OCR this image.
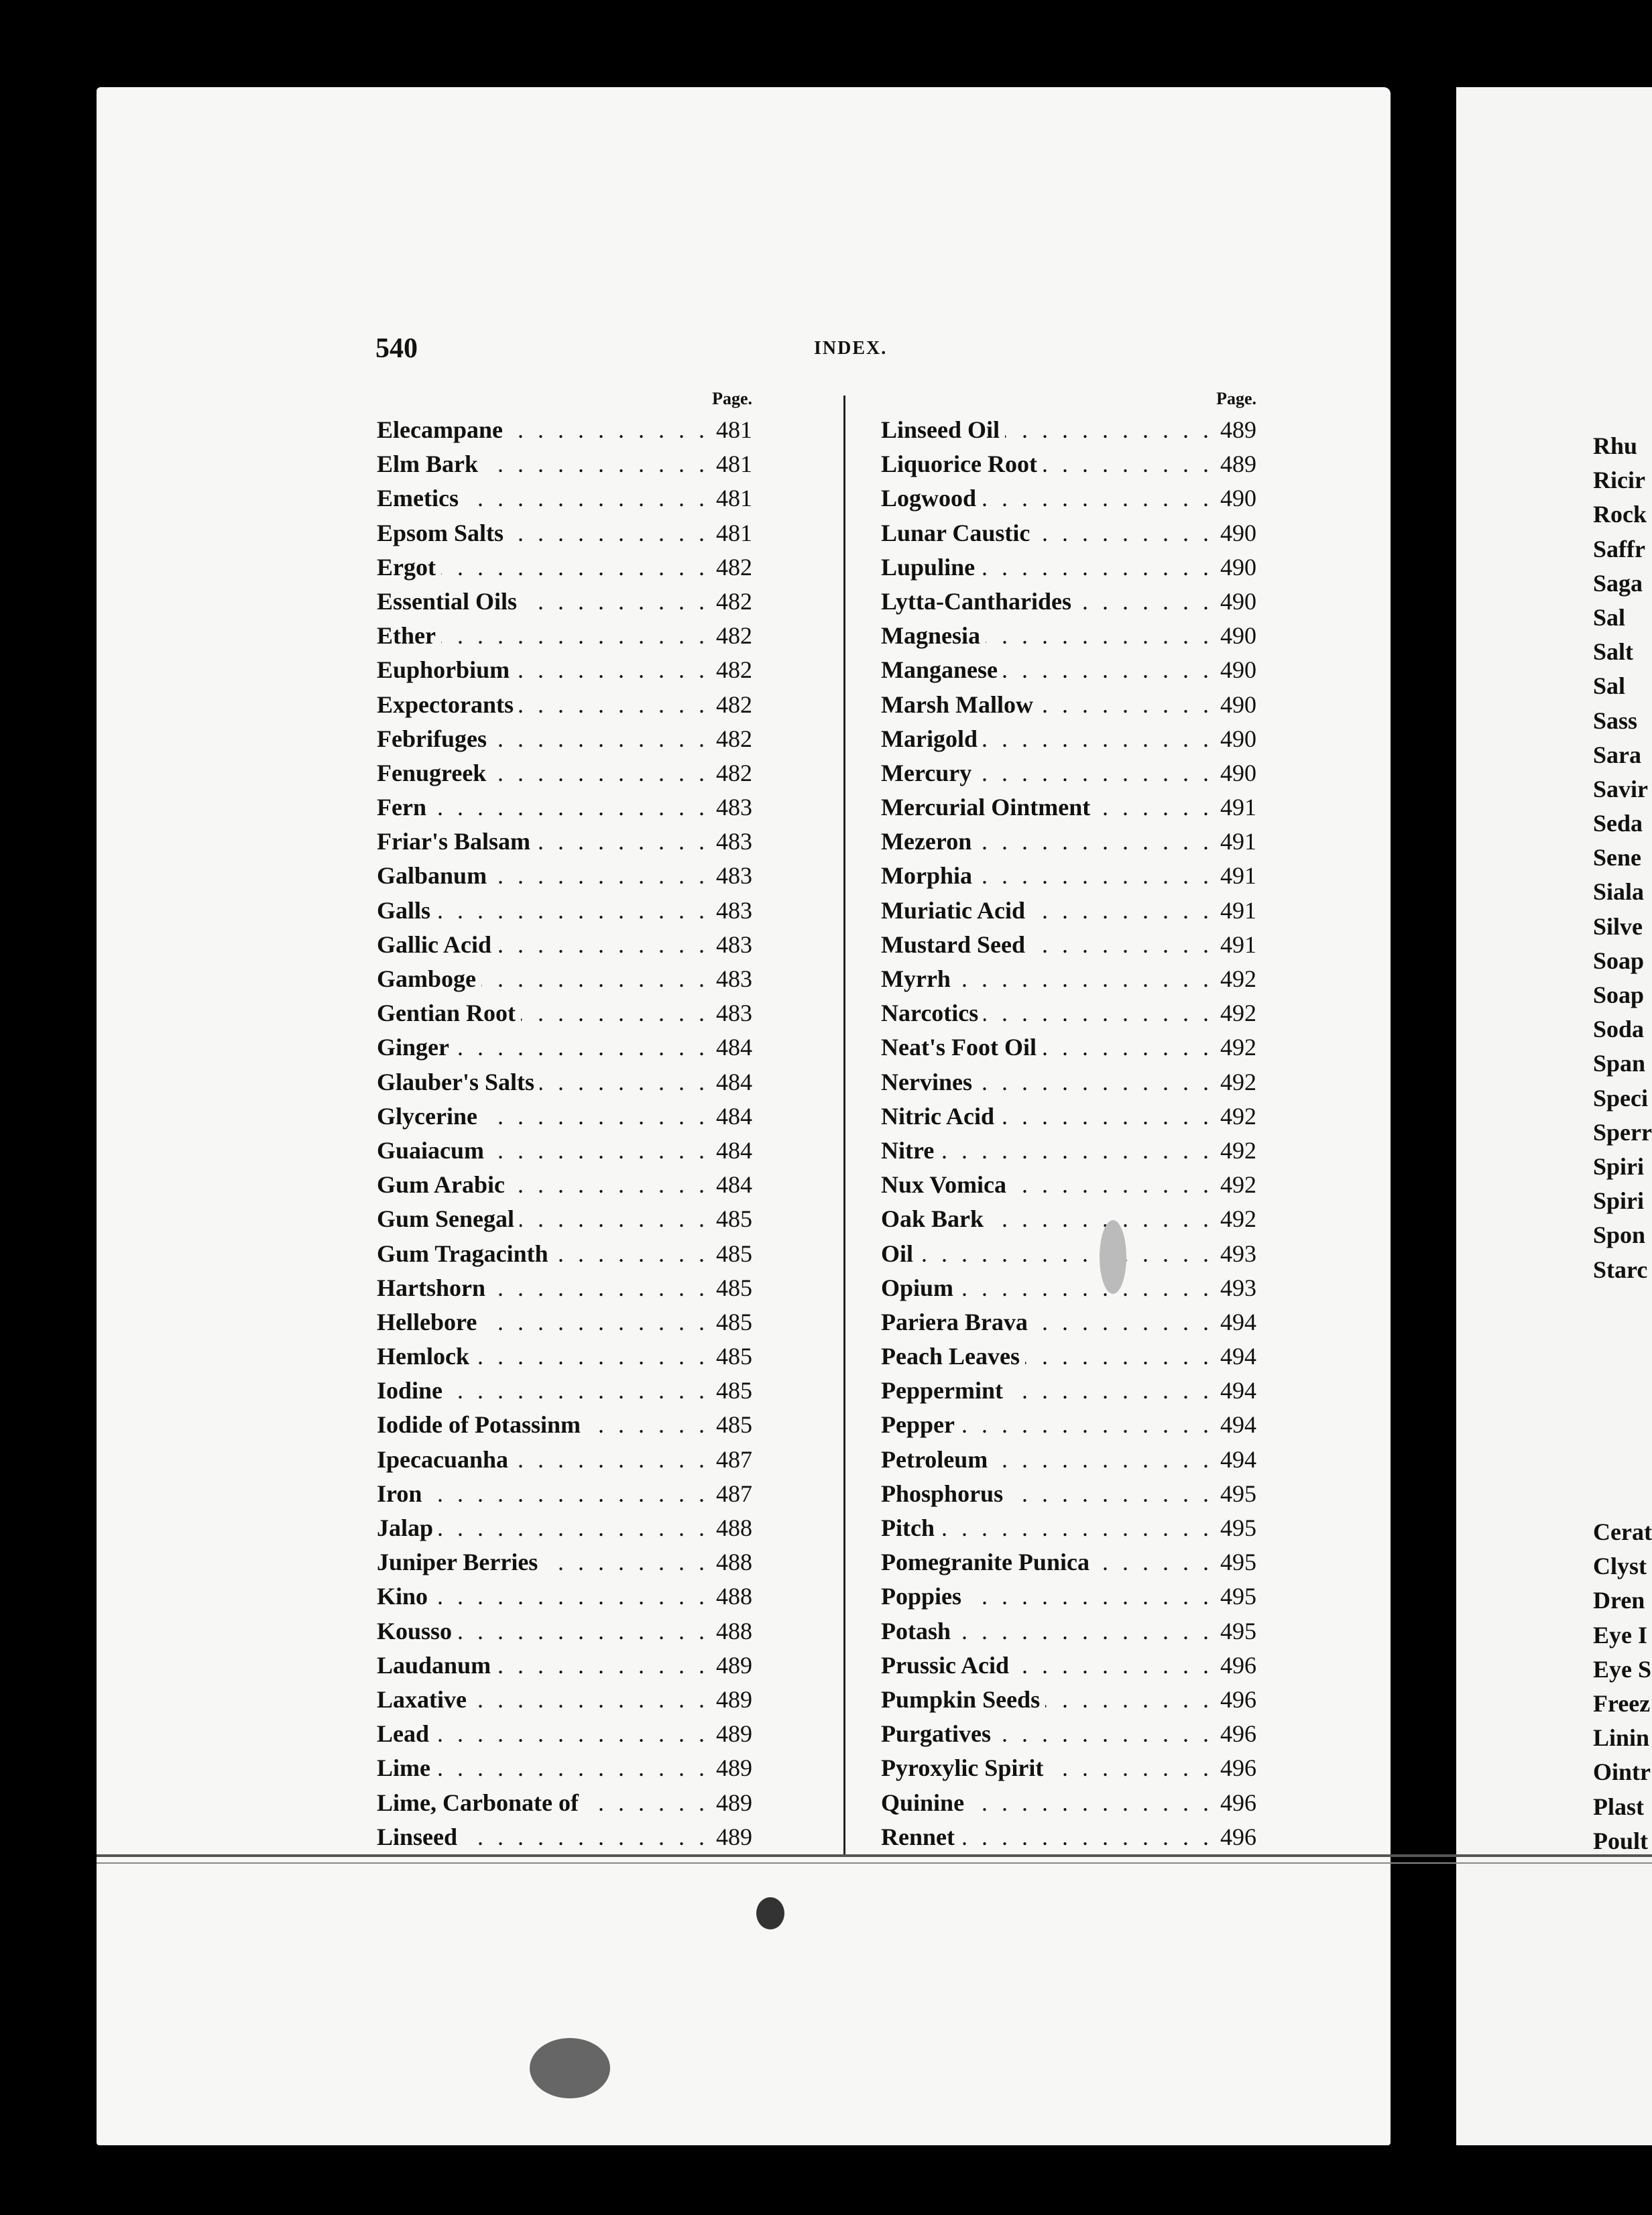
540	INDEX.
Page.
. . .
Elecampane	481
. . .
Elm Bark	481
. . .
Emetics	481
. . .
Epsom Salts	481
. . .
Ergot	482
. . .
Essential Oils	482
. . .
Ether	482
. . .
Euphorbium	482
. . .
Expectorants	482
. . .
Febrifuges	482
. . .
Fenugreek	482
. . .
Fern	483
. . .
Friar's Balsam	483
. . .
Galbanum	483
. . .
Galls	483
. . .
Gallic Acid	483
. . .
Gamboge	483
. . .
Gentian Root	483
. . .
Ginger	484
. . .
Glauber's Salts	484
. . .
Glycerine	484
. . .
Guaiacum	484
. . .
Gum Arabic	484
. . .
Gum Senegal	485
. . .
Gum Tragacinth	485
. . .
Hartshorn	485
. . .
Hellebore	485
. . .
Hemlock	485
. . .
Iodine	485
. . .
Iodide of Potassinm	485
. . .
Ipecacuanha	487
. . .
Iron	487
. . .
Jalap	488
. . .
Juniper Berries	488
. . .
Kino	488
. . .
Kousso	488
. . .
Laudanum	489
. . .
Laxative	489
. . .
Lead	489
. . .
Lime	489
. . .
Lime, Carbonate of	489
. . .
Linseed	489
Page.
. . .
Linseed Oil	489
. . .
Liquorice Root	489
. . .
Logwood	490
. . .
Lunar Caustic	490
. . .
Lupuline	490
. . .
Lytta-Cantharides	490
. . .
Magnesia	490
. . .
Manganese	490
. . .
Marsh Mallow	490
. . .
Marigold	490
. . .
Mercury	490
. . .
Mercurial Ointment	491
. . .
Mezeron	491
. . .
Morphia	491
. . .
Muriatic Acid	491
. . .
Mustard Seed	491
. . .
Myrrh	492
. . .
Narcotics	492
. . .
Neat's Foot Oil	492
. . .
Nervines	492
. . .
Nitric Acid	492
. . .
Nitre	492
. . .
Nux Vomica	492
. . .
Oak Bark	492
. . .
Oil	493
. . .
Opium	493
. . .
Pariera Brava	494
. . .
Peach Leaves	494
. . .
Peppermint	494
. . .
Pepper	494
. . .
Petroleum	494
. . .
Phosphorus	495
. . .
Pitch	495
. . .
Pomegranite Punica	495
. . .
Poppies	495
. . .
Potash	495
. . .
Prussic Acid	496
. . .
Pumpkin Seeds	496
. . .
Purgatives	496
. . .
Pyroxylic Spirit	496
. . .
Quinine	496
. . .
Rennet	496
Rhu
Ricir
Rock
Saffr
Saga
Sal
Salt
Sal
Sass
Sara
Savir
Seda
Sene
Siala
Silve
Soap
Soap
Soda
Span
Speci
Sperr
Spiri
Spiri
Spon
Starc
Cerat
Clyst
Dren
Eye I
Eye S
Freez
Linin
Ointr
Plast
Poult
